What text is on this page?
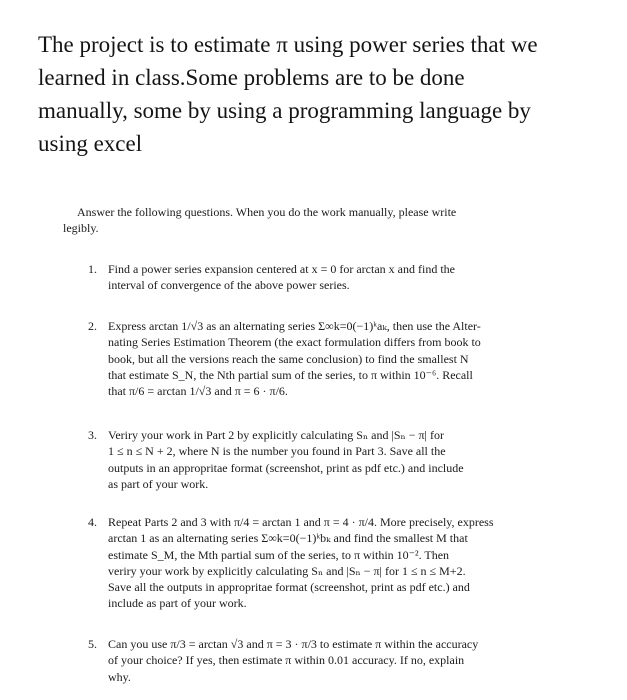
The project is to estimate π using power series that we
learned in class.Some problems are to be done
manually, some by using a programming language by
using excel

Answer the following questions. When you do the work manually, please write

legibly.
1. Find a power series expansion centered at x = 0 for arctan x and find the
interval of convergence of the above power series.
2. Express arctan 1/√3 as an alternating series Σ∞k=0(−1)ᵏaₖ, then use the Alter-
nating Series Estimation Theorem (the exact formulation differs from book to
book, but all the versions reach the same conclusion) to find the smallest N
that estimate S_N, the Nth partial sum of the series, to π within 10⁻⁶. Recall
that π/6 = arctan 1/√3 and π = 6 · π/6.
3. Veriry your work in Part 2 by explicitly calculating Sₙ and |Sₙ − π| for
1 ≤ n ≤ N + 2, where N is the number you found in Part 3. Save all the
outputs in an appropritae format (screenshot, print as pdf etc.) and include
as part of your work.
4. Repeat Parts 2 and 3 with π/4 = arctan 1 and π = 4 · π/4. More precisely, express
arctan 1 as an alternating series Σ∞k=0(−1)ᵏbₖ and find the smallest M that
estimate S_M, the Mth partial sum of the series, to π within 10⁻². Then
veriry your work by explicitly calculating Sₙ and |Sₙ − π| for 1 ≤ n ≤ M+2.
Save all the outputs in appropritae format (screenshot, print as pdf etc.) and
include as part of your work.
5. Can you use π/3 = arctan √3 and π = 3 · π/3 to estimate π within the accuracy
of your choice? If yes, then estimate π within 0.01 accuracy. If no, explain
why.
